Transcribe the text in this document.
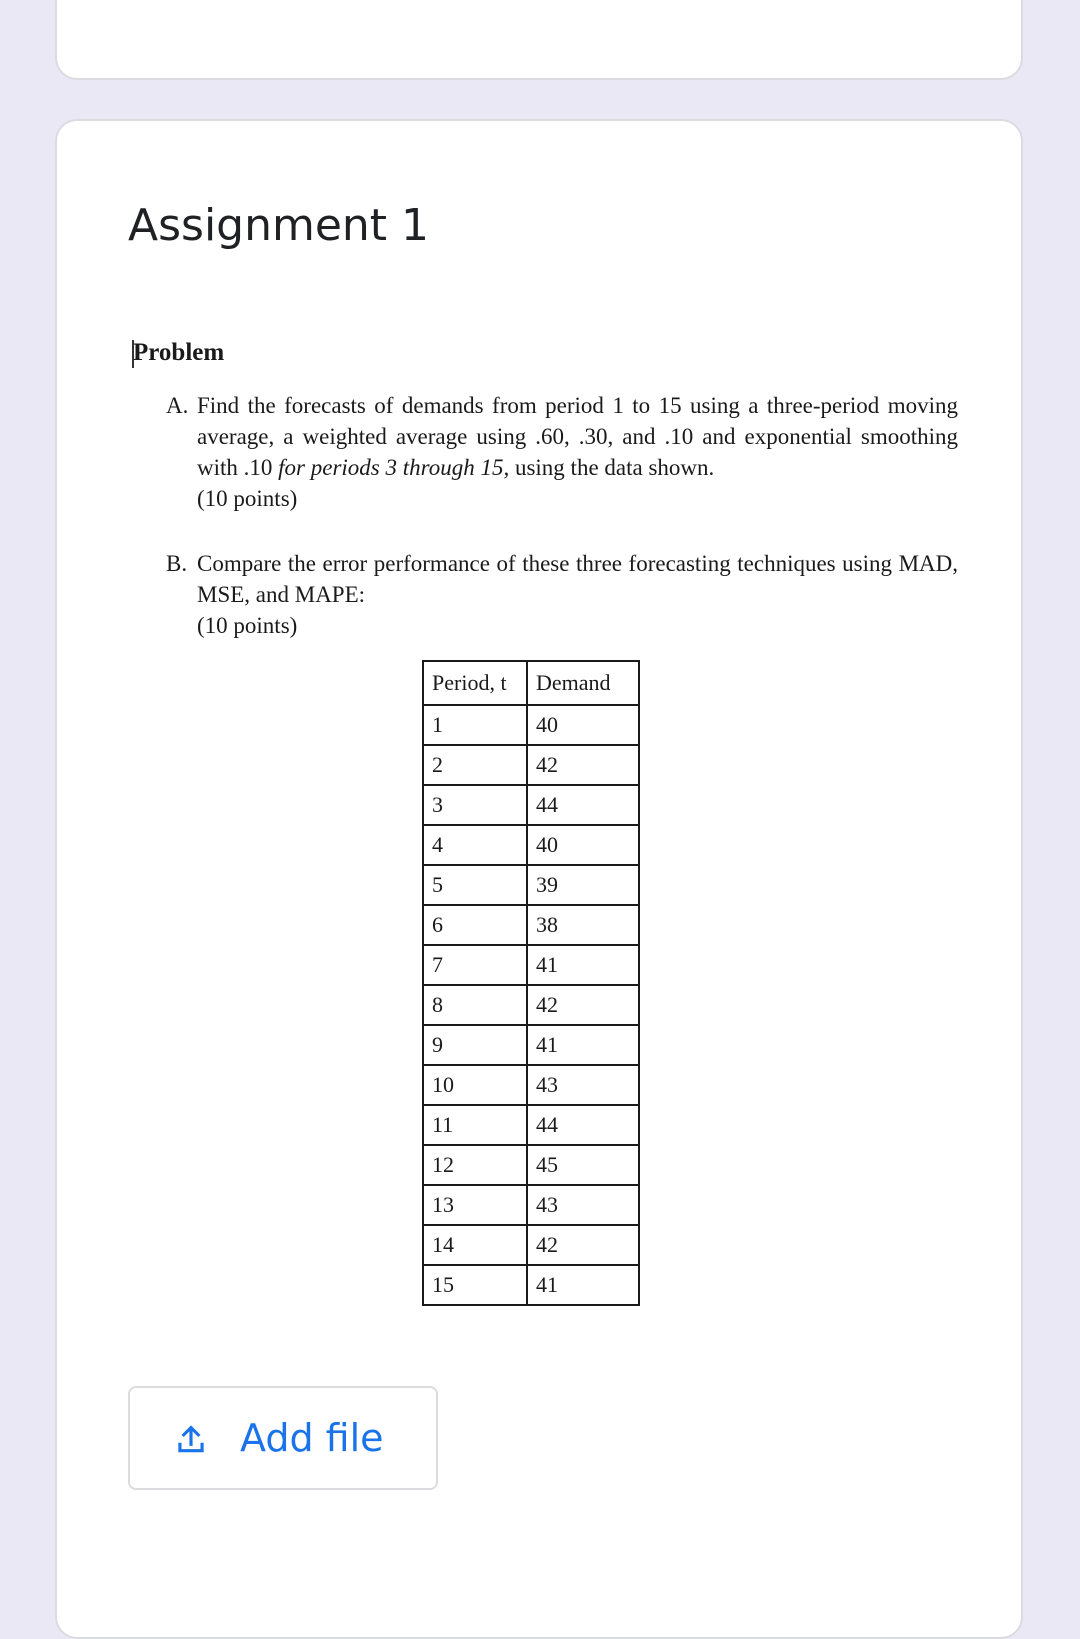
Assignment 1
Problem
A. Find the forecasts of demands from period 1 to 15 using a three-period moving average, a weighted average using .60, .30, and .10 and exponential smoothing with .10 for periods 3 through 15, using the data shown.
(10 points)
B. Compare the error performance of these three forecasting techniques using MAD, MSE, and MAPE:
(10 points)
Period, t	Demand
1	40
2	42
3	44
4	40
5	39
6	38
7	41
8	42
9	41
10	43
11	44
12	45
13	43
14	42
15	41
Add file
